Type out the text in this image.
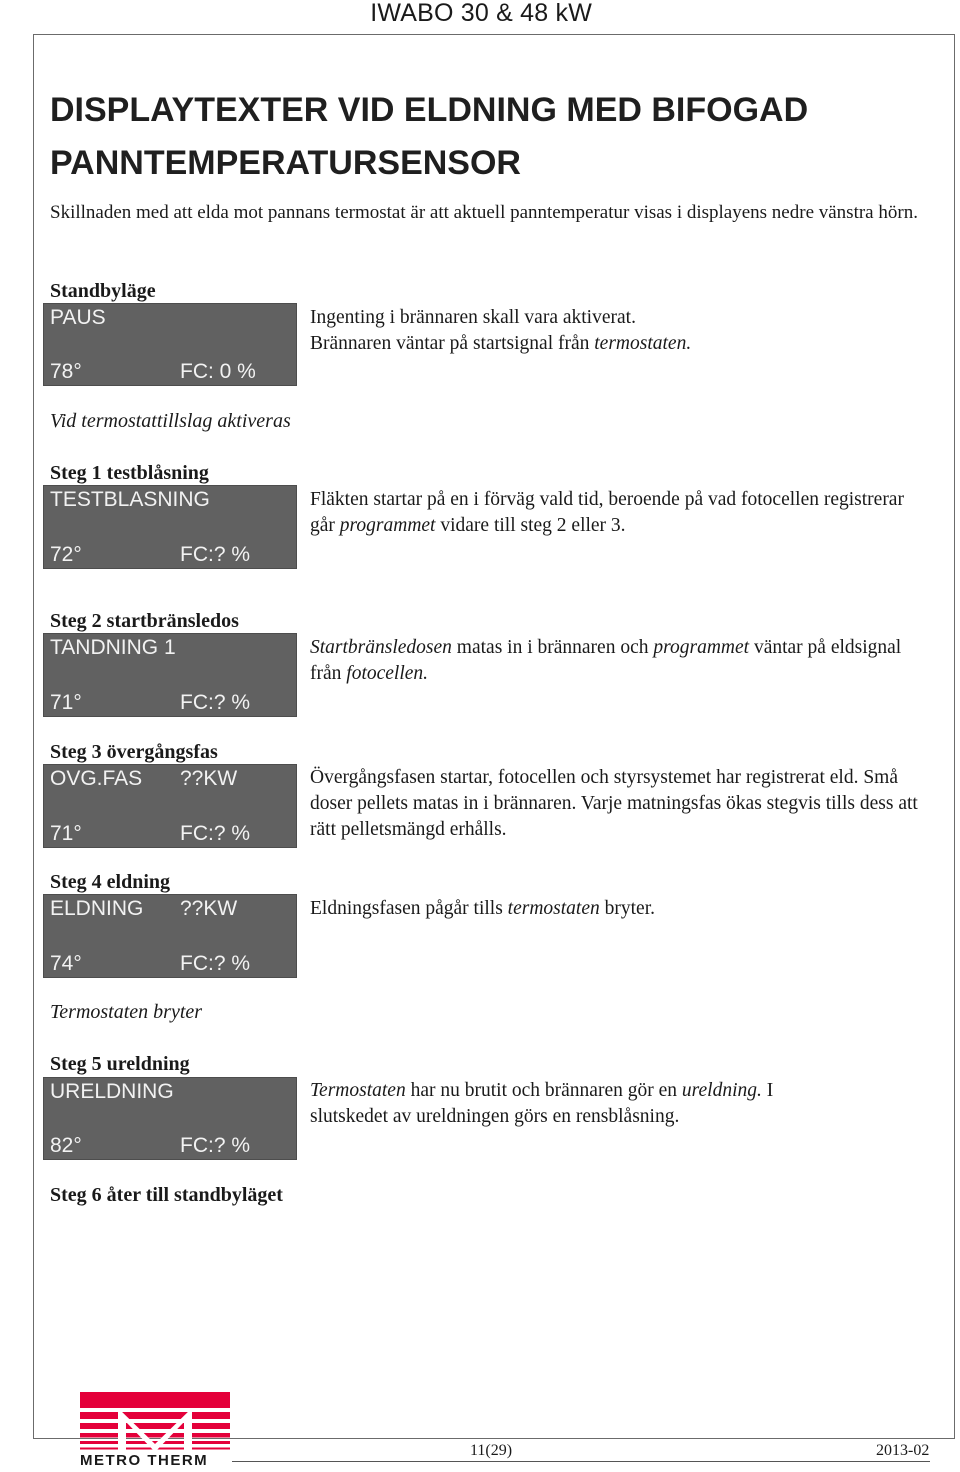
IWABO 30 & 48 kW
DISPLAYTEXTER VID ELDNING MED BIFOGAD PANNTEMPERATURSENSOR
Skillnaden med att elda mot pannans termostat är att aktuell panntemperatur visas i displayens nedre vänstra hörn.
Standbyläge
PAUS
78°	FC: 0 %
Ingenting i brännaren skall vara aktiverat.
Brännaren väntar på startsignal från termostaten.
Vid termostattillslag aktiveras
Steg 1 testblåsning
TESTBLASNING
72°	FC:? %
Fläkten startar på en i förväg vald tid, beroende på vad fotocellen registrerar går programmet vidare till steg 2 eller 3.
Steg 2 startbränsledos
TANDNING 1
71°	FC:? %
Startbränsledosen matas in i brännaren och programmet väntar på eldsignal från fotocellen.
Steg 3 övergångsfas
OVG.FAS ??KW
71°	FC:? %
Övergångsfasen startar, fotocellen och styrsystemet har registrerat eld. Små doser pellets matas in i brännaren. Varje matningsfas ökas stegvis tills dess att rätt pelletsmängd erhålls.
Steg 4 eldning
ELDNING ??KW
74°	FC:? %
Eldningsfasen pågår tills termostaten bryter.
Termostaten bryter
Steg 5 ureldning
URELDNING
82°	FC:? %
Termostaten har nu brutit och brännaren gör en ureldning. I slutskedet av ureldningen görs en rensblåsning.
Steg 6 åter till standbyläget
METRO THERM
11(29)	2013-02
